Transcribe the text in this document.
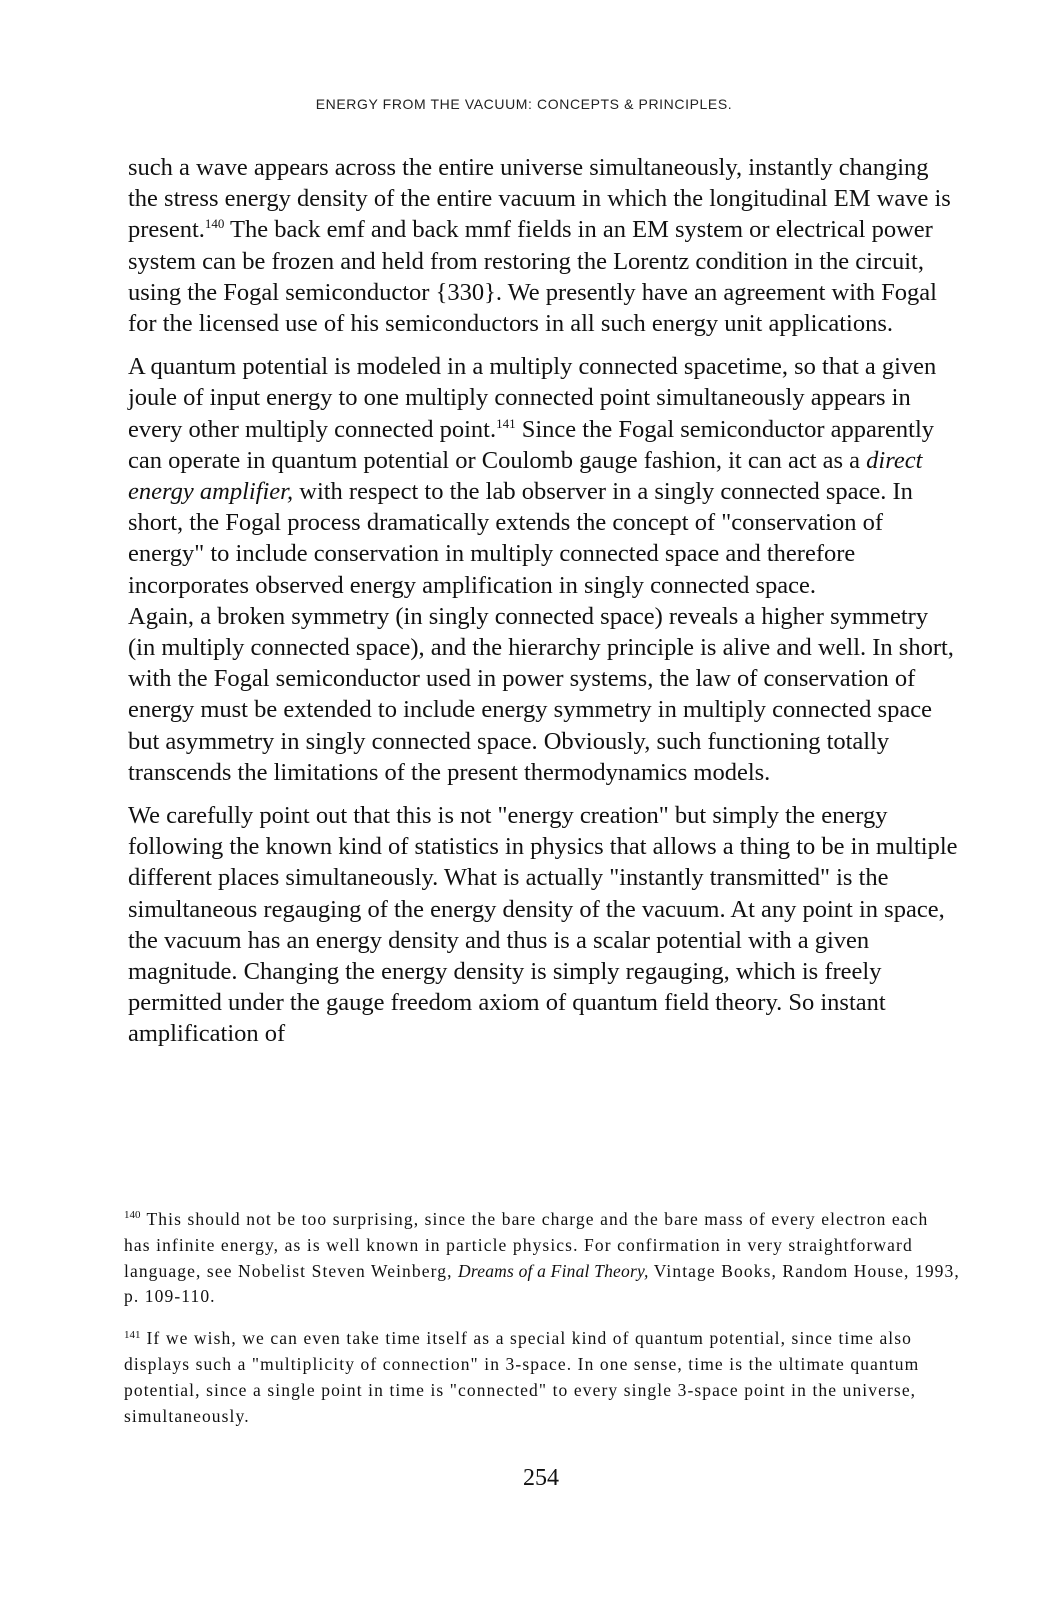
ENERGY FROM THE VACUUM: CONCEPTS & PRINCIPLES.

such a wave appears across the entire universe simultaneously, instantly changing the stress energy density of the entire vacuum in which the longitudinal EM wave is present.$^{140}$ The back emf and back mmf fields in an EM system or electrical power system can be frozen and held from restoring the Lorentz condition in the circuit, using the Fogal semiconductor {330}. We presently have an agreement with Fogal for the licensed use of his semiconductors in all such energy unit applications.

A quantum potential is modeled in a multiply connected spacetime, so that a given joule of input energy to one multiply connected point simultaneously appears in every other multiply connected point.$^{141}$ Since the Fogal semiconductor apparently can operate in quantum potential or Coulomb gauge fashion, it can act as a direct energy amplifier, with respect to the lab observer in a singly connected space. In short, the Fogal process dramatically extends the concept of "conservation of energy" to include conservation in multiply connected space and therefore incorporates observed energy amplification in singly connected space.

Again, a broken symmetry (in singly connected space) reveals a higher symmetry (in multiply connected space), and the hierarchy principle is alive and well. In short, with the Fogal semiconductor used in power systems, the law of conservation of energy must be extended to include energy symmetry in multiply connected space but asymmetry in singly connected space. Obviously, such functioning totally transcends the limitations of the present thermodynamics models.

We carefully point out that this is not "energy creation" but simply the energy following the known kind of statistics in physics that allows a thing to be in multiple different places simultaneously. What is actually "instantly transmitted" is the simultaneous regauging of the energy density of the vacuum. At any point in space, the vacuum has an energy density and thus is a scalar potential with a given magnitude. Changing the energy density is simply regauging, which is freely permitted under the gauge freedom axiom of quantum field theory. So instant amplification of

$^{140}$ This should not be too surprising, since the bare charge and the bare mass of every electron each has infinite energy, as is well known in particle physics. For confirmation in very straightforward language, see Nobelist Steven Weinberg, Dreams of a Final Theory, Vintage Books, Random House, 1993, p. 109-110.

$^{141}$ If we wish, we can even take time itself as a special kind of quantum potential, since time also displays such a "multiplicity of connection" in 3-space. In one sense, time is the ultimate quantum potential, since a single point in time is "connected" to every single 3-space point in the universe, simultaneously.

254
